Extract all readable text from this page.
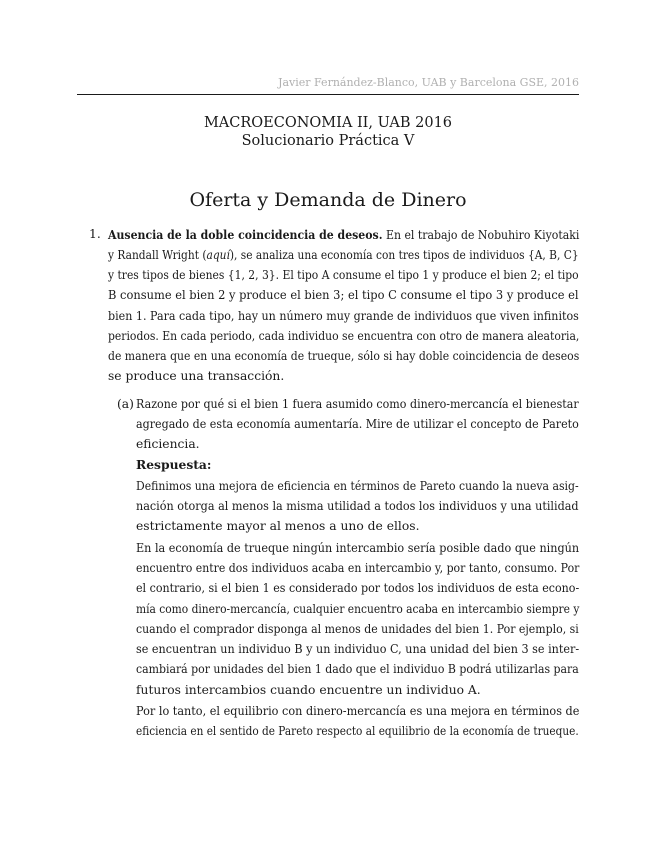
Javier Fernández-Blanco, UAB y Barcelona GSE, 2016
MACROECONOMIA II, UAB 2016
Solucionario Práctica V
Oferta y Demanda de Dinero
1. Ausencia de la doble coincidencia de deseos. En el trabajo de Nobuhiro Kiyotaki
y Randall Wright (aquí), se analiza una economía con tres tipos de individuos {A, B, C}
y tres tipos de bienes {1, 2, 3}. El tipo A consume el tipo 1 y produce el bien 2; el tipo
B consume el bien 2 y produce el bien 3; el tipo C consume el tipo 3 y produce el
bien 1. Para cada tipo, hay un número muy grande de individuos que viven infinitos
periodos. En cada periodo, cada individuo se encuentra con otro de manera aleatoria,
de manera que en una economía de trueque, sólo si hay doble coincidencia de deseos
se produce una transacción.
(a) Razone por qué si el bien 1 fuera asumido como dinero-mercancía el bienestar
agregado de esta economía aumentaría. Mire de utilizar el concepto de Pareto
eficiencia.
Respuesta:
Definimos una mejora de eficiencia en términos de Pareto cuando la nueva asig-
nación otorga al menos la misma utilidad a todos los individuos y una utilidad
estrictamente mayor al menos a uno de ellos.
En la economía de trueque ningún intercambio sería posible dado que ningún
encuentro entre dos individuos acaba en intercambio y, por tanto, consumo. Por
el contrario, si el bien 1 es considerado por todos los individuos de esta econo-
mía como dinero-mercancía, cualquier encuentro acaba en intercambio siempre y
cuando el comprador disponga al menos de unidades del bien 1. Por ejemplo, si
se encuentran un individuo B y un individuo C, una unidad del bien 3 se inter-
cambiará por unidades del bien 1 dado que el individuo B podrá utilizarlas para
futuros intercambios cuando encuentre un individuo A.
Por lo tanto, el equilibrio con dinero-mercancía es una mejora en términos de
eficiencia en el sentido de Pareto respecto al equilibrio de la economía de trueque.
